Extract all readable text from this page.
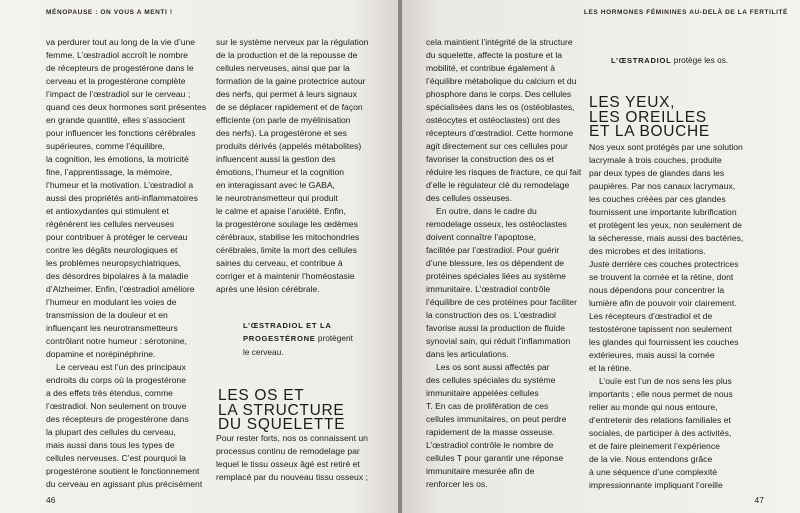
MÉNOPAUSE : ON VOUS A MENTI !
va perdurer tout au long de la vie d’une
femme. L’œstradiol accroît le nombre
de récepteurs de progestérone dans le
cerveau et la progestérone complète
l’impact de l’œstradiol sur le cerveau ;
quand ces deux hormones sont présentes
en grande quantité, elles s’associent
pour influencer les fonctions cérébrales
supérieures, comme l’équilibre,
la cognition, les émotions, la motricité
fine, l’apprentissage, la mémoire,
l’humeur et la motivation. L’œstradiol a
aussi des propriétés anti-inflammatoires
et antioxydantes qui stimulent et
régénèrent les cellules nerveuses
pour contribuer à protéger le cerveau
contre les dégâts neurologiques et
les problèmes neuropsychiatriques,
des désordres bipolaires à la maladie
d’Alzheimer. Enfin, l’œstradiol améliore
l’humeur en modulant les voies de
transmission de la douleur et en
influençant les neurotransmetteurs
contrôlant notre humeur : sérotonine,
dopamine et norépinéphrine.
Le cerveau est l’un des principaux
endroits du corps où la progestérone
a des effets très étendus, comme
l’œstradiol. Non seulement on trouve
des récepteurs de progestérone dans
la plupart des cellules du cerveau,
mais aussi dans tous les types de
cellules nerveuses. C’est pourquoi la
progestérone soutient le fonctionnement
du cerveau en agissant plus précisément
sur le système nerveux par la régulation
de la production et de la repousse de
cellules nerveuses, ainsi que par la
formation de la gaine protectrice autour
des nerfs, qui permet à leurs signaux
de se déplacer rapidement et de façon
efficiente (on parle de myélinisation
des nerfs). La progestérone et ses
produits dérivés (appelés métabolites)
influencent aussi la gestion des
émotions, l’humeur et la cognition
en interagissant avec le GABA,
le neurotransmetteur qui produit
le calme et apaise l’anxiété. Enfin,
la progestérone soulage les œdèmes
cérébraux, stabilise les mitochondries
cérébrales, limite la mort des cellules
saines du cerveau, et contribue à
corriger et à maintenir l’homéostasie
après une lésion cérébrale.
L’ŒSTRADIOL ET LA
PROGESTÉRONE protègent
le cerveau.
LES OS ET
LA STRUCTURE
DU SQUELETTE
Pour rester forts, nos os connaissent un
processus continu de remodelage par
lequel le tissu osseux âgé est retiré et
remplacé par du nouveau tissu osseux ;
46
LES HORMONES FÉMININES AU-DELÀ DE LA FERTILITÉ
cela maintient l’intégrité de la structure
du squelette, affecte la posture et la
mobilité, et contribue également à
l’équilibre métabolique du calcium et du
phosphore dans le corps. Des cellules
spécialisées dans les os (ostéoblastes,
ostéocytes et ostéoclastes) ont des
récepteurs d’œstradiol. Cette hormone
agit directement sur ces cellules pour
favoriser la construction des os et
réduire les risques de fracture, ce qui fait
d’elle le régulateur clé du remodelage
des cellules osseuses.
En outre, dans le cadre du
remodelage osseux, les ostéoclastes
doivent connaître l’apoptose,
facilitée par l’œstradiol. Pour guérir
d’une blessure, les os dépendent de
protéines spéciales liées au système
immunitaire. L’œstradiol contrôle
l’équilibre de ces protéines pour faciliter
la construction des os. L’œstradiol
favorise aussi la production de fluide
synovial sain, qui réduit l’inflammation
dans les articulations.
Les os sont aussi affectés par
des cellules spéciales du système
immunitaire appelées cellules
T. En cas de prolifération de ces
cellules immunitaires, on peut perdre
rapidement de la masse osseuse.
L’œstradiol contrôle le nombre de
cellules T pour garantir une réponse
immunitaire mesurée afin de
renforcer les os.
L’ŒSTRADIOL protège les os.
LES YEUX,
LES OREILLES
ET LA BOUCHE
Nos yeux sont protégés par une solution
lacrymale à trois couches, produite
par deux types de glandes dans les
paupières. Par nos canaux lacrymaux,
les couches créées par ces glandes
fournissent une importante lubrification
et protègent les yeux, non seulement de
la sécheresse, mais aussi des bactéries,
des microbes et des irritations.
Juste derrière ces couches protectrices
se trouvent la cornée et la rétine, dont
nous dépendons pour concentrer la
lumière afin de pouvoir voir clairement.
Les récepteurs d’œstradiol et de
testostérone tapissent non seulement
les glandes qui fournissent les couches
extérieures, mais aussi la cornée
et la rétine.
L’ouïe est l’un de nos sens les plus
importants ; elle nous permet de nous
relier au monde qui nous entoure,
d’entretenir des relations familiales et
sociales, de participer à des activités,
et de faire pleinement l’expérience
de la vie. Nous entendons grâce
à une séquence d’une complexité
impressionnante impliquant l’oreille
47
